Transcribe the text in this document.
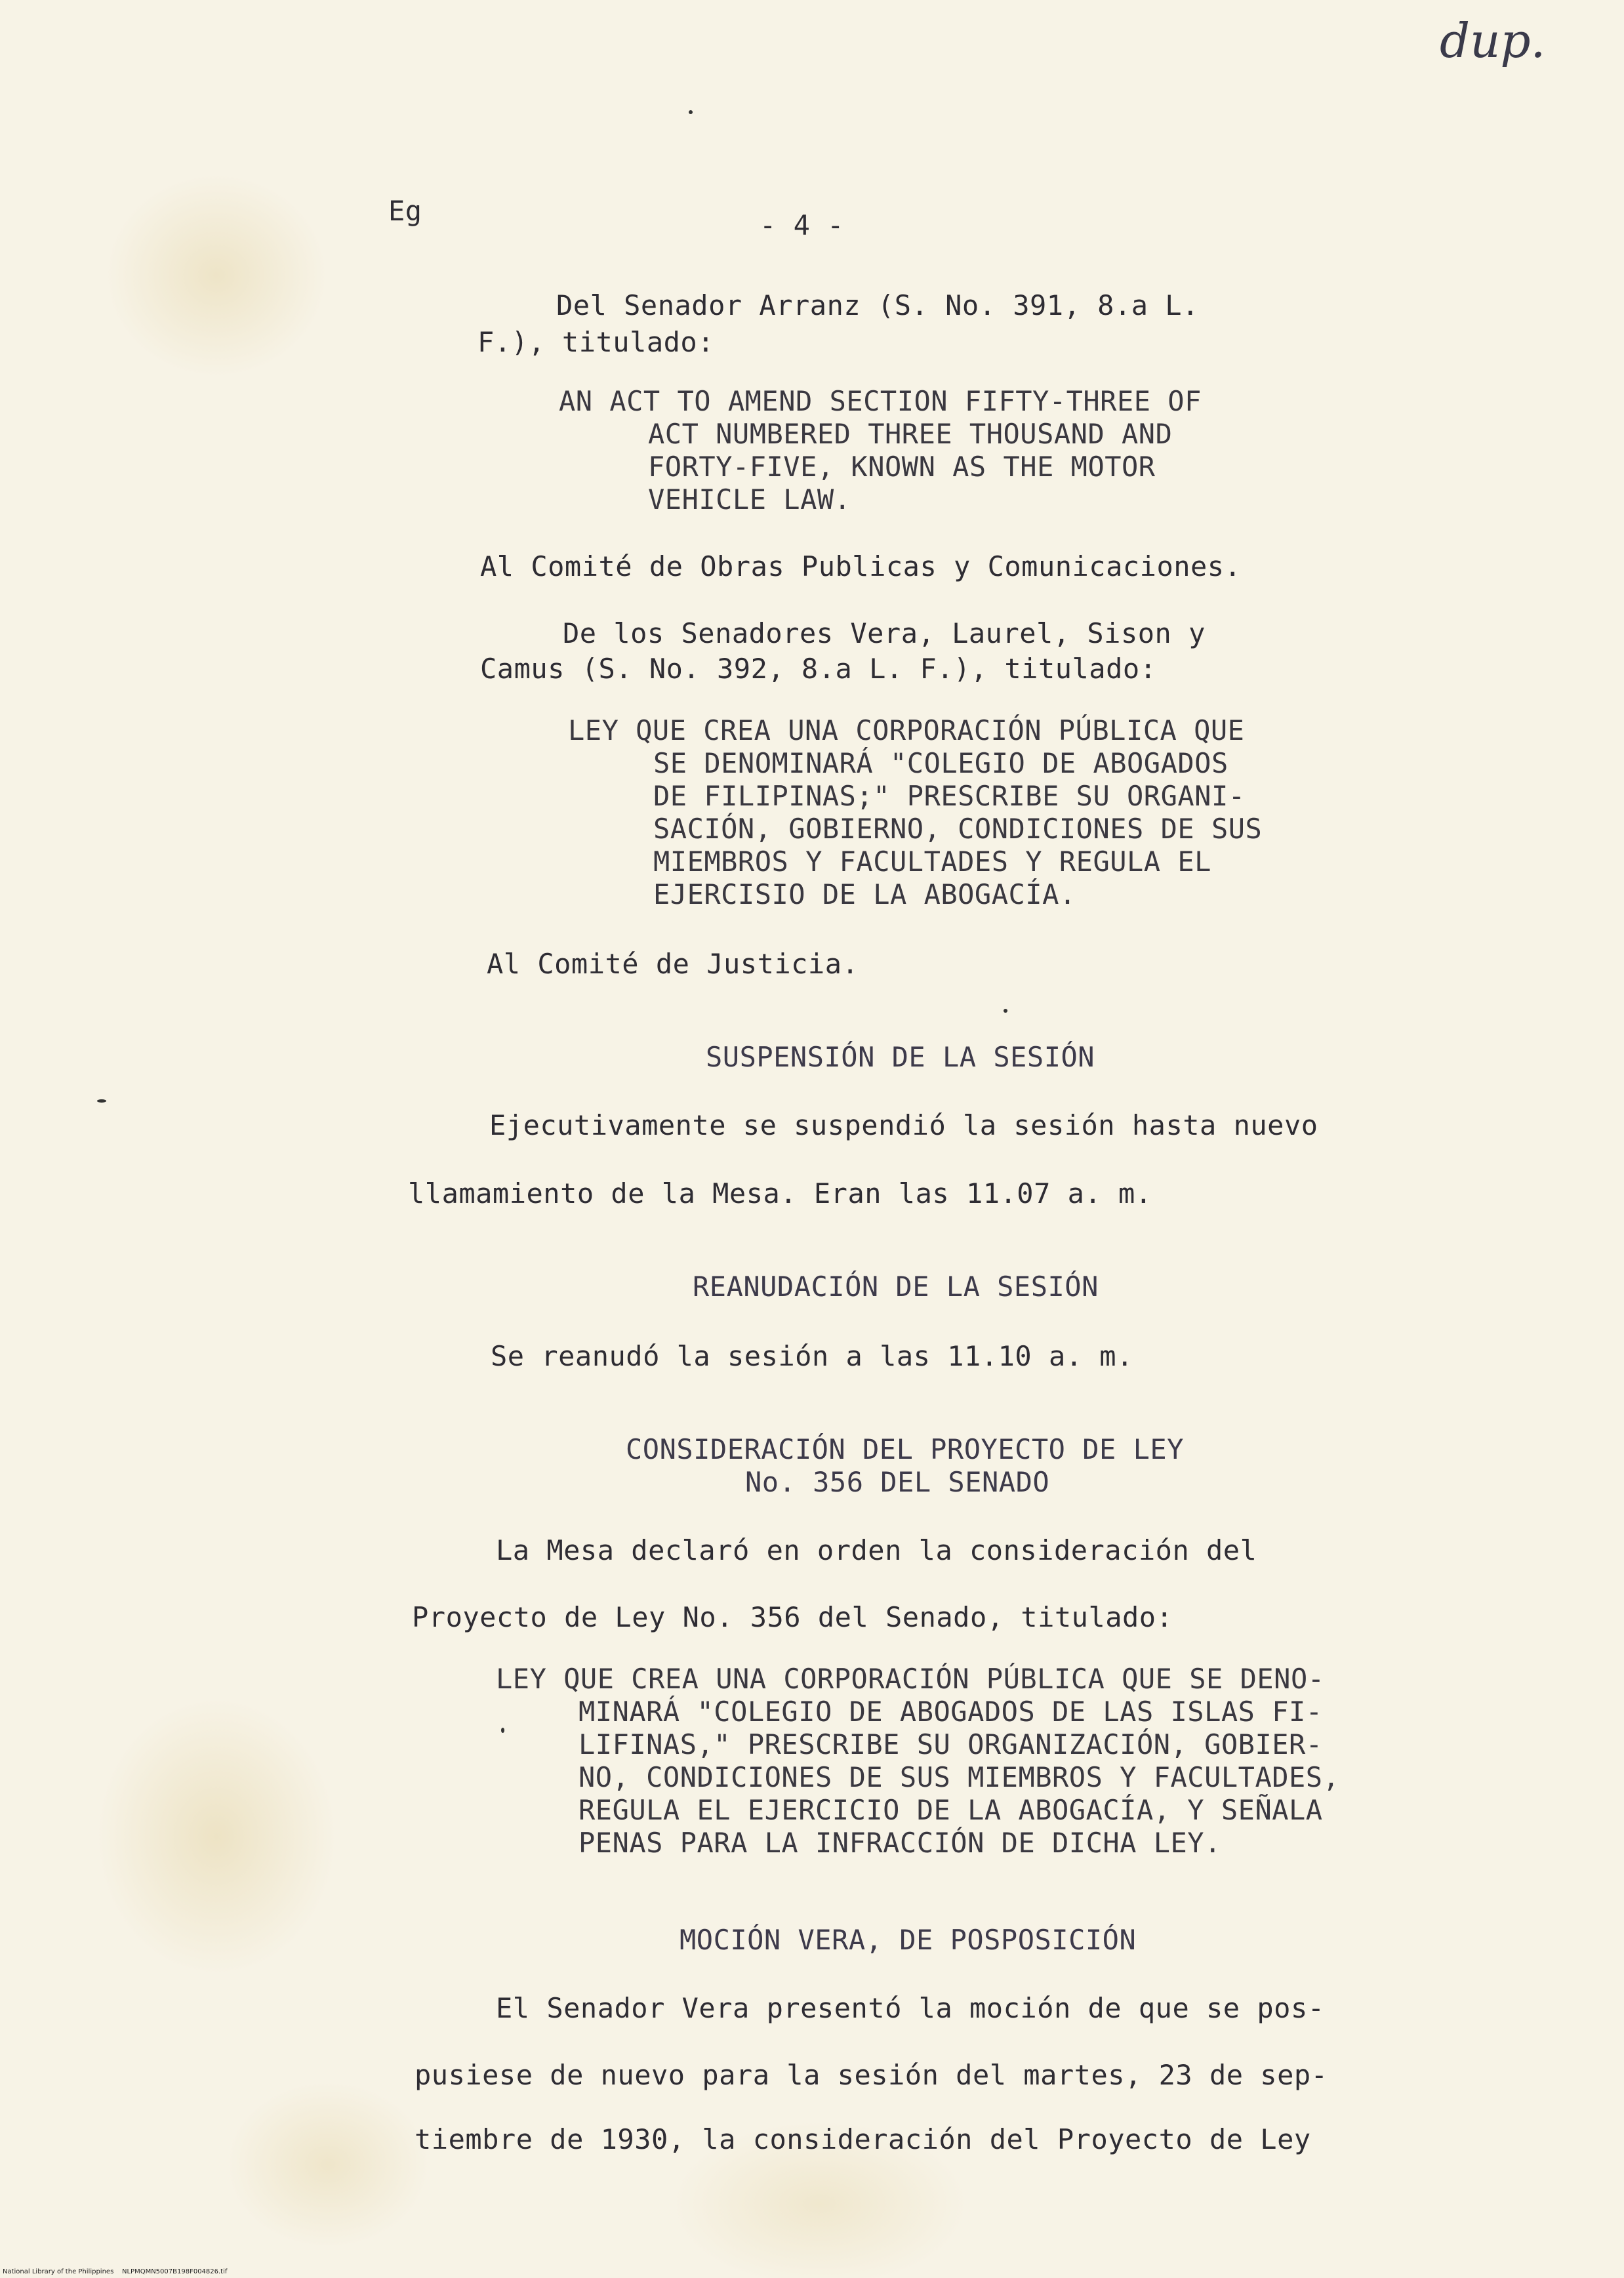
dup.

Eg	- 4 -

Del Senador Arranz (S. No. 391, 8.a L.

F.), titulado:

AN ACT TO AMEND SECTION FIFTY-THREE OF

ACT NUMBERED THREE THOUSAND AND

FORTY-FIVE, KNOWN AS THE MOTOR

VEHICLE LAW.

Al Comité de Obras Publicas y Comunicaciones.

De los Senadores Vera, Laurel, Sison y

Camus (S. No. 392, 8.a L. F.), titulado:

LEY QUE CREA UNA CORPORACIÓN PÚBLICA QUE

SE DENOMINARÁ "COLEGIO DE ABOGADOS

DE FILIPINAS;" PRESCRIBE SU ORGANI-

SACIÓN, GOBIERNO, CONDICIONES DE SUS

MIEMBROS Y FACULTADES Y REGULA EL

EJERCISIO DE LA ABOGACÍA.

Al Comité de Justicia.

SUSPENSIÓN DE LA SESIÓN

Ejecutivamente se suspendió la sesión hasta nuevo

llamamiento de la Mesa. Eran las 11.07 a. m.

REANUDACIÓN DE LA SESIÓN

Se reanudó la sesión a las 11.10 a. m.

CONSIDERACIÓN DEL PROYECTO DE LEY

No. 356 DEL SENADO

La Mesa declaró en orden la consideración del

Proyecto de Ley No. 356 del Senado, titulado:

LEY QUE CREA UNA CORPORACIÓN PÚBLICA QUE SE DENO-

MINARÁ "COLEGIO DE ABOGADOS DE LAS ISLAS FI-

LIFINAS," PRESCRIBE SU ORGANIZACIÓN, GOBIER-

NO, CONDICIONES DE SUS MIEMBROS Y FACULTADES,

REGULA EL EJERCICIO DE LA ABOGACÍA, Y SEÑALA

PENAS PARA LA INFRACCIÓN DE DICHA LEY.

MOCIÓN VERA, DE POSPOSICIÓN

El Senador Vera presentó la moción de que se pos-

pusiese de nuevo para la sesión del martes, 23 de sep-

tiembre de 1930, la consideración del Proyecto de Ley

National Library of the Philippines    NLPMQMN5007B198F004826.tif
